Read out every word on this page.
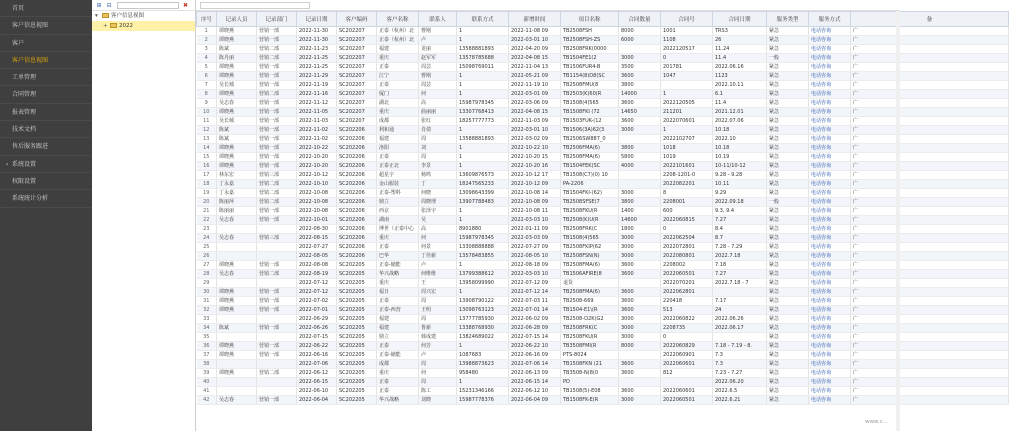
首页
客户信息视图
客户
客户信息视图
工单管理
合同管理
报表管理
技术文档
售后服务跟进
› 系统设置
权限设置
系统统计分析
⊞ ⊟	✖
▾ 客户信息视图
+ 2022
序号	记录人员	记录部门	记录日期	客户编码	客户名称	联系人	联系方式	新增时间	项目名称	合同数量	合同号	合同日期	服务类型	服务方式	备
1	谭晓燕	营销一部	2022-11-30	SC202207	正泰（杭州）北	曹刚	1	2022-11-08 09	TB2508FSH	8000	1001	TRS3	紧急	电话咨询	广
2	谭晓燕	营销一部	2022-11-30	SC202207	正泰（杭州）北	卢	1	2022-03-01 10	TB2508FSH-ZS	6000	1108	26	紧急	电话咨询	广
3	陈斌	营销二部	2022-11-23	SC202207	福建	龙丽	13588881893	2022-04-20 09	TB2508FRK(0000		2022120517	11.24	紧急	电话咨询	广
4	陈丹丽	营销二部	2022-11-25	SC202207	重庆	赵军军	13578785688	2022-04-08 15	TB1504FE1(2	3000	0	11.4	一般	电话咨询	广
5	谭晓燕	营销一部	2022-11-25	SC202207	正泰	周芸	15098769011	2022-11-04 13	TB1506FUR4-B	3500	201781	2022.06.16	紧急	电话咨询	广
6	谭晓燕	营销一部	2022-11-29	SC202207	江宁	曹刚	1	2022-05-21 09	TB1154(8)D8(SC	3600	1047	1123	紧急	电话咨询	广
7	吴长城	营销一部	2022-11-19	SC202207	正泰	周芸	1	2022-11-19 10	TB2508FMU(8	3800		2022.10.11	紧急	电话咨询	广
8	谭晓燕	营销二部	2022-11-16	SC202207	厦门	何	1	2022-03-01 09	TB2503(K)60(R	14000	1	6.1	紧急	电话咨询	广
9	吴志春	营销一部	2022-11-12	SC202207	湖北	高	15987978345	2022-03-06 09	TB1508(4)565	3600	2022120505	11.4	紧急	电话咨询	广
10	谭晓燕	营销一部	2022-11-05	SC202207	重庆	曲丽丽	13307768413	2022-04-08 15	TB1508FKI (72	14650	211201	2021.12.01	紧急	电话咨询	广
11	吴长城	营销一部	2022-11-03	SC202207	成都	张红	18257777773	2022-11-03 09	TB1503FUK-(12	3600	2022070601	2022.07.06	紧急	电话咨询	广
12	陈斌	营销一部	2022-11-02	SC202206	利和通	肖倩	1	2022-03-01 10	TB1506(3A)62(3	3000	1	10.18	紧急	电话咨询	广
13	陈斌	营销一部	2022-11-02	SC202206	福建	周	13588881893	2022-03-02 09	TB2506SW887_0		2022102707	2022.10	紧急	电话咨询	广
14	谭晓燕	营销一部	2022-10-22	SC202206	洛阳	刘	1	2022-10-22 10	TB2506FMA(6)	3800	1018	10.18	紧急	电话咨询	广
15	谭晓燕	营销一部	2022-10-20	SC202206	正泰	周	1	2022-10-20 15	TB2508FMA(6)	5800	1019	10.19	紧急	电话咨询	广
16	谭晓燕	营销一部	2022-10-20	SC202206	正泰正北	李景	1	2022-10-20 16	TB1504FEK(SC	4000	2022101601	10-11/10-12	紧急	电话咨询	广
17	林东宏	营销三部	2022-10-12	SC202206	超星宇	杨鸣	13609876573	2022-10-12 17	TB1508(C7)(0) 10		2208-1201-0	9.28 - 9.28	紧急	电话咨询	广
18	丁永嘉	营销二部	2022-10-10	SC202206	金山服装	丁	18247565233	2022-10-12 09	PA-2206		2022082201	10.11	紧急	电话咨询	广
19	丁永嘉	营销二部	2022-10-08	SC202206	正泰-塑料	何晓	13098643399	2022-10-08 14	TB1504FKI-(62)	3000	8	9.29	紧急	电话咨询	广
20	陈丽萍	营销二部	2022-10-08	SC202206	鼎立	周晓理	13907788483	2022-10-08 09	TB2508SFSE(7	3800	2208001	2022.09.18	一般	电话咨询	广
21	陈丽丽	营销一部	2022-10-08	SC202206	西京	张泽宇	1	2022-10-08 11	TB2508FKU(R	1400	600	9.3, 9.4	紧急	电话咨询	广
22	吴志春	营销一部	2022-10-01	SC202206	湖南	吴	1	2022-03-03 10	TB2508(K)U(R	14600	2022060815	7.27	紧急	电话咨询	广
23			2022-08-30	SC202206	博世（正泰中心	高	8901880	2022-01-11 09	TB2508FRK(C	1800	0	8.4	紧急	电话咨询	广
24	吴志春	营销三部	2022-08-15	SC202206	重庆	何	15987978345	2022-03-03 09	TB1508(4)565	3000	2022062504	8.7	紧急	电话咨询	广
25			2022-07-27	SC202206	正泰	何景	13308888888	2022-07-27 09	TB2508FKIP(62	3000	2022072801	7.28 - 7.29	紧急	电话咨询	广
26			2022-08-05	SC202206	巴华	丁佳新	13578483855	2022-08-05 10	TB2508FSN(N)	3000	2022080801	2022.7.18	紧急	电话咨询	广
27	谭晓燕	营销一部	2022-08-08	SC202205	正泰-储能	卢	1	2022-08-18 09	TB2508FMA(6)	3600	2208002	7.18	紧急	电话咨询	广
28	吴志春	营销二部	2022-08-19	SC202205	华兴战略	何维维	13799388612	2022-03-03 10	TB1506AFIRE(8	3600	2022060501	7.27	紧急	电话咨询	广
29			2022-07-12	SC202205	重庆	王	13958099990	2022-07-12 09	退货		2022070201	2022.7.18 - 7	紧急	电话咨询	广
30	谭晓燕	营销一部	2022-07-12	SC202205	福日	周兴宏	1	2022-07-12 14	TB2508FMA(6)	3600	2022062801		紧急	电话咨询	广
31	谭晓燕	营销一部	2022-07-02	SC202205	正泰	周	13908790122	2022-07-03 11	TB2508-669	3600	220418	7.17	紧急	电话咨询	广
32	谭晓燕	营销一部	2022-07-01	SC202205	正泰-西营	王明	13098763123	2022-07-01 14	TB1504-E1\(R	3600	513	24	紧急	电话咨询	广
33			2022-06-29	SC202205	福建	周	13777785930	2022-06-02 09	TB2508-O2K(G2	3000	2022060822	2022.06.26	紧急	电话咨询	广
34	陈斌	营销一部	2022-06-26	SC202205	福建	鲁新	13388768930	2022-06-28 09	TB2508FRK(C	3000	2208735	2022.06.17	紧急	电话咨询	广
35			2022-07-15	SC202205	鼎立	韩成建	13824689022	2022-07-15 14	TB2508FKU(R	3000	0		紧急	电话咨询	广
36	谭晓燕	营销一部	2022-06-22	SC202205	正泰	何芳	1	2022-06-22 10	TB3508FMI(R	8000	2022060829	7.18 - 7.19 - 8.	紧急	电话咨询	广
37	谭晓燕	营销一部	2022-06-16	SC202205	正泰-储能	卢	1087683	2022-06-16 09	PTS-8024		2022060901	7.3	紧急	电话咨询	广
38			2022-07-06	SC202205	成都	周	13988873623	2022-07-06 14	TB1508FKN (21	3600	2022060601	7.3	紧急	电话咨询	广
39	谭晓燕	营销二部	2022-06-12	SC202205	重庆	何	958480	2022-06-13 09	TB3508-N(8(0	3600	812	7.23 - 7.27	紧急	电话咨询	广
40			2022-06-15	SC202205	正泰	周	1	2022-06-15 14	PD			2022.06.20	紧急	电话咨询	广
41			2022-06-10	SC202205	正泰	陈工	15231346166	2022-06-12 10	TB1508(5)-E08	3600	2022060601	2022.6.5	紧急	电话咨询	广
42	吴志春	营销一部	2022-06-04	SC202205	华兴战略	刘晓	15987778376	2022-06-04 09	TB1508FK-E(R	3000	2022060501	2022.6.21	紧急	电话咨询	广
www.c...
